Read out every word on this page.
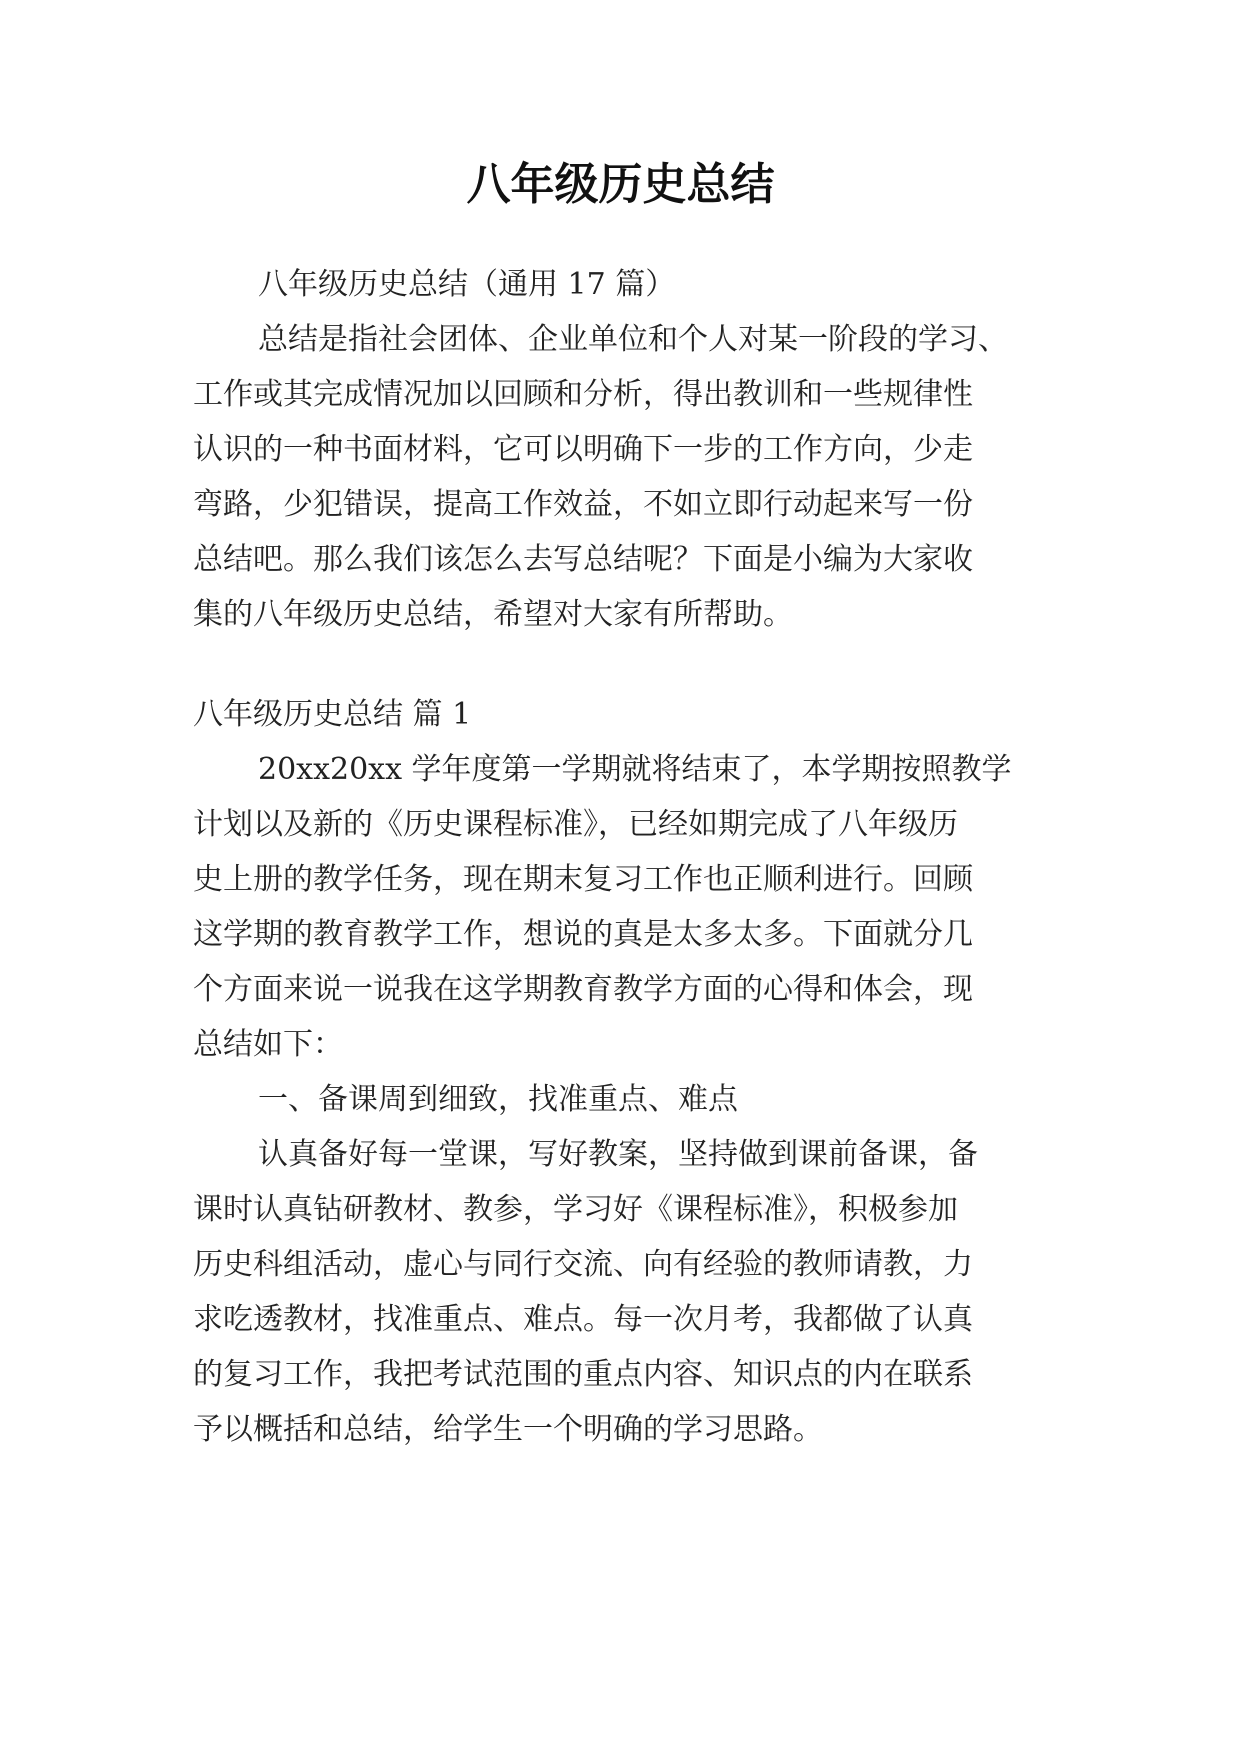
八年级历史总结

八年级历史总结（通用 17 篇）

总结是指社会团体、企业单位和个人对某一阶段的学习、

工作或其完成情况加以回顾和分析，得出教训和一些规律性

认识的一种书面材料，它可以明确下一步的工作方向，少走

弯路，少犯错误，提高工作效益，不如立即行动起来写一份

总结吧。那么我们该怎么去写总结呢？下面是小编为大家收

集的八年级历史总结，希望对大家有所帮助。

八年级历史总结 篇 1

20xx20xx 学年度第一学期就将结束了，本学期按照教学

计划以及新的《历史课程标准》，已经如期完成了八年级历

史上册的教学任务，现在期末复习工作也正顺利进行。回顾

这学期的教育教学工作，想说的真是太多太多。下面就分几

个方面来说一说我在这学期教育教学方面的心得和体会，现

总结如下：

一、备课周到细致，找准重点、难点

认真备好每一堂课，写好教案，坚持做到课前备课，备

课时认真钻研教材、教参，学习好《课程标准》，积极参加

历史科组活动，虚心与同行交流、向有经验的教师请教，力

求吃透教材，找准重点、难点。每一次月考，我都做了认真

的复习工作，我把考试范围的重点内容、知识点的内在联系

予以概括和总结，给学生一个明确的学习思路。
